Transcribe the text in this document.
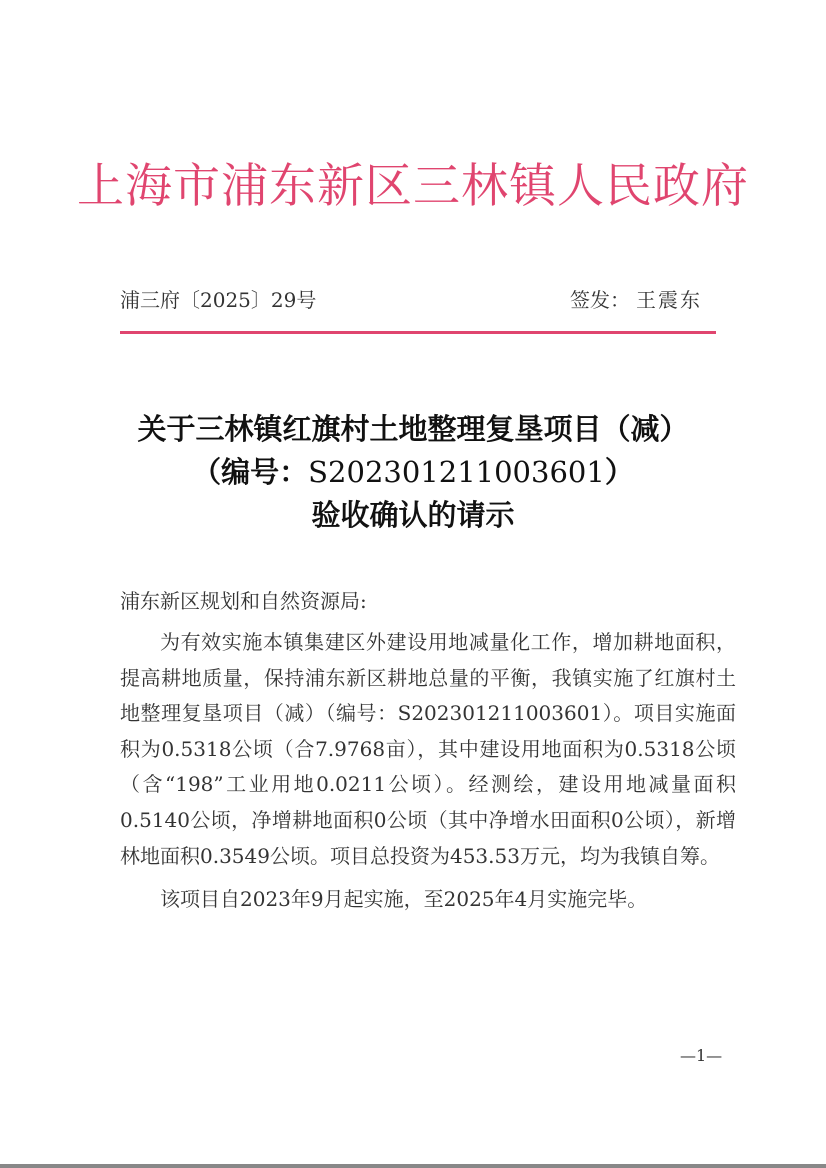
上海市浦东新区三林镇人民政府
浦三府〔2025〕29号	签发： 王震东
关于三林镇红旗村土地整理复垦项目（减）
（编号：S202301211003601）
验收确认的请示
浦东新区规划和自然资源局:

为有效实施本镇集建区外建设用地减量化工作，增加耕地面积，提高耕地质量，保持浦东新区耕地总量的平衡，我镇实施了红旗村土地整理复垦项目（减）（编号：S202301211003601）。项目实施面积为0.5318公顷（合7.9768亩），其中建设用地面积为0.5318公顷（含“198”工业用地0.0211公顷）。经测绘，建设用地减量面积0.5140公顷，净增耕地面积0公顷（其中净增水田面积0公顷），新增林地面积0.3549公顷。项目总投资为453.53万元，均为我镇自筹。

该项目自2023年9月起实施，至2025年4月实施完毕。

—1—
